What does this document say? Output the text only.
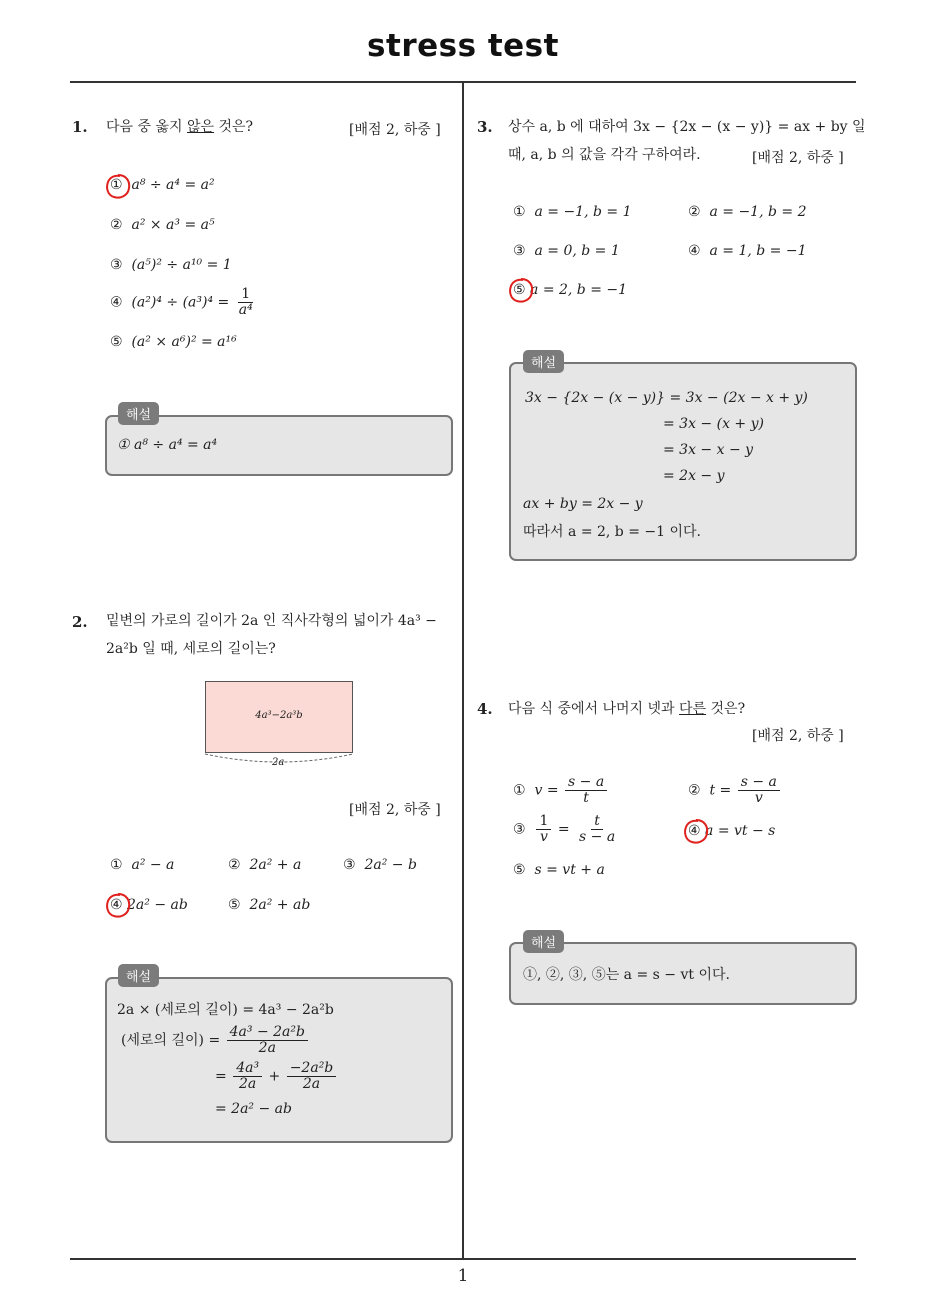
stress test
1. 다음 중 옳지 않은 것은?	[배점 2, 하중 ]
① a⁸ ÷ a⁴ = a²
② a² × a³ = a⁵
③ (a⁵)² ÷ a¹⁰ = 1
④ $(a^2)^4 \div (a^3)^4 = \frac{1}{\text{a⁴}}$
⑤ (a² × a⁶)² = a¹⁶
① a⁸ ÷ a⁴ = a⁴
해설
2. 밑변의 가로의 길이가 2a 인 직사각형의 넓이가 4a³ −
2a²b 일 때, 세로의 길이는?
4a³−2a³b
2a
[배점 2, 하중 ]
① a² − a	② 2a² + a	③ 2a² − b
④ 2a² − ab	⑤ 2a² + ab
2a × (세로의 길이) = 4a³ − 2a²b
(세로의 길이) = $\frac{\text{4a³ − 2a²b}}{2a}$
= $\frac{\text{4a³}}{2a} + \frac{\text{−2a²b}}{2a}$
= 2a² − ab
해설
3. 상수 a, b 에 대하여 3x − {2x − (x − y)} = ax + by 일
때, a, b 의 값을 각각 구하여라.	[배점 2, 하중 ]
① a = −1, b = 1	② a = −1, b = 2
③ a = 0, b = 1	④ a = 1, b = −1
⑤ a = 2, b = −1
3x − {2x − (x − y)} = 3x − (2x − x + y)
= 3x − (x + y)
= 3x − x − y
= 2x − y
ax + by = 2x − y
따라서 a = 2, b = −1 이다.
해설
4. 다음 식 중에서 나머지 넷과 다른 것은?
[배점 2, 하중 ]
① $v = \frac{s - a}{t}$	② $t = \frac{s - a}{v}$
③ $\frac{1}{v} = \frac{t}{s - a}$	④ a = vt − s
⑤ s = vt + a
①, ②, ③, ⑤는 a = s − vt 이다.
해설
1
